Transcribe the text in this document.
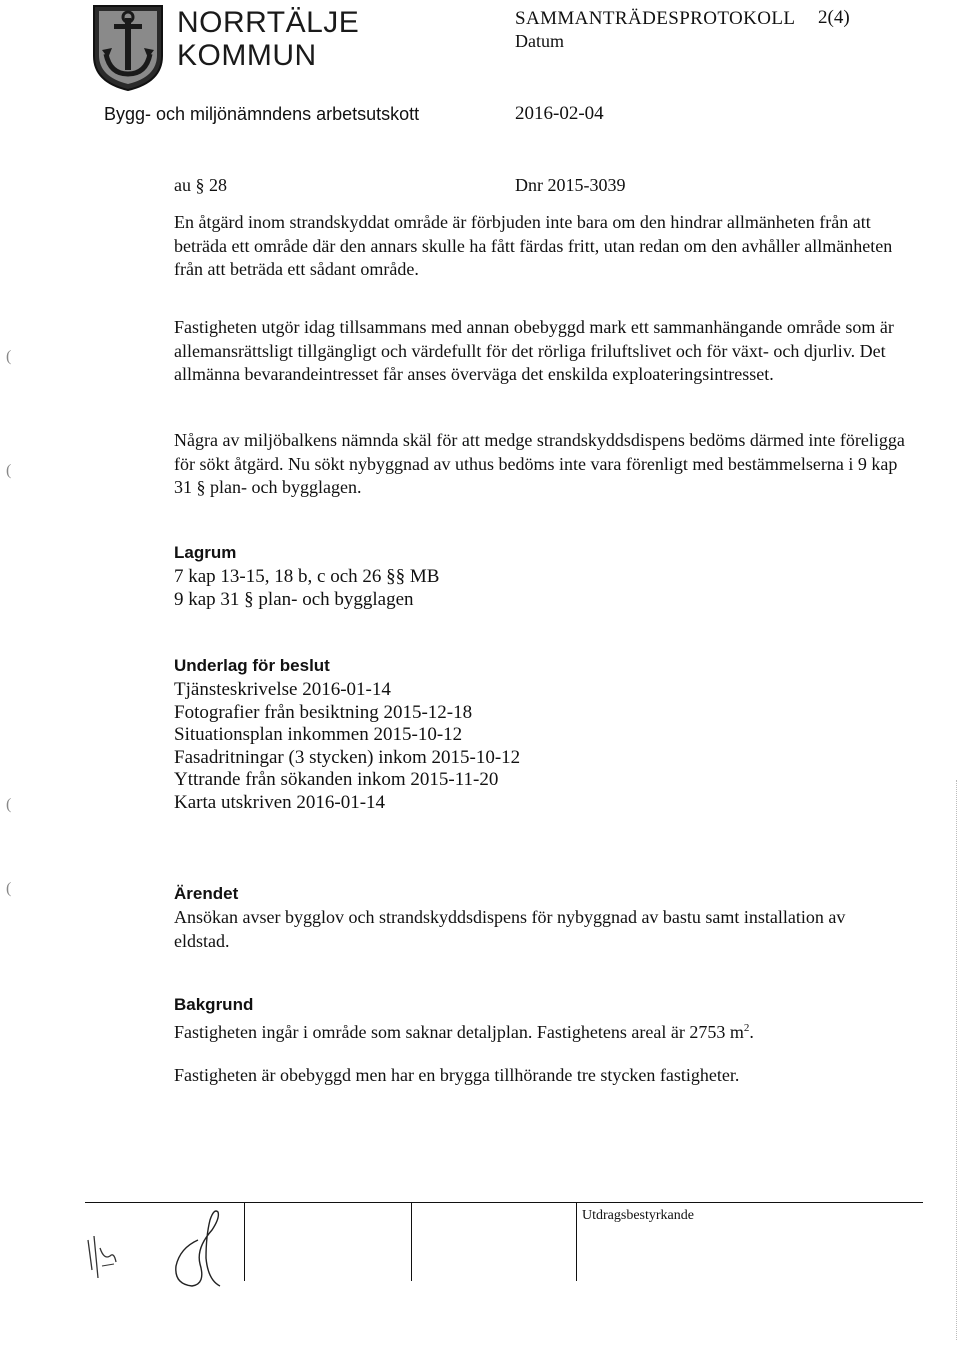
NORRTÄLJE
KOMMUN
SAMMANTRÄDESPROTOKOLL 2(4)
Datum
Bygg- och miljönämndens arbetsutskott	2016-02-04
au § 28	Dnr 2015-3039

En åtgärd inom strandskyddat område är förbjuden inte bara om den hindrar allmänheten från att beträda ett område där den annars skulle ha fått färdas fritt, utan redan om den avhåller allmänheten från att beträda ett sådant område.

Fastigheten utgör idag tillsammans med annan obebyggd mark ett sammanhängande område som är allemansrättsligt tillgängligt och värdefullt för det rörliga friluftslivet och för växt- och djurliv. Det allmänna bevarandeintresset får anses överväga det enskilda exploateringsintresset.

Några av miljöbalkens nämnda skäl för att medge strandskyddsdispens bedöms därmed inte föreligga för sökt åtgärd. Nu sökt nybyggnad av uthus bedöms inte vara förenligt med bestämmelserna i 9 kap 31 § plan- och bygglagen.

Lagrum
7 kap 13-15, 18 b, c och 26 §§ MB
9 kap 31 § plan- och bygglagen
Underlag för beslut
Tjänsteskrivelse 2016-01-14
Fotografier från besiktning 2015-12-18
Situationsplan inkommen 2015-10-12
Fasadritningar (3 stycken) inkom 2015-10-12
Yttrande från sökanden inkom 2015-11-20
Karta utskriven 2016-01-14
Ärendet

Ansökan avser bygglov och strandskyddsdispens för nybyggnad av bastu samt installation av eldstad.

Bakgrund

Fastigheten ingår i område som saknar detaljplan. Fastighetens areal är 2753 $m^2$.

Fastigheten är obebyggd men har en brygga tillhörande tre stycken fastigheter.

(
(
(
(
Utdragsbestyrkande
